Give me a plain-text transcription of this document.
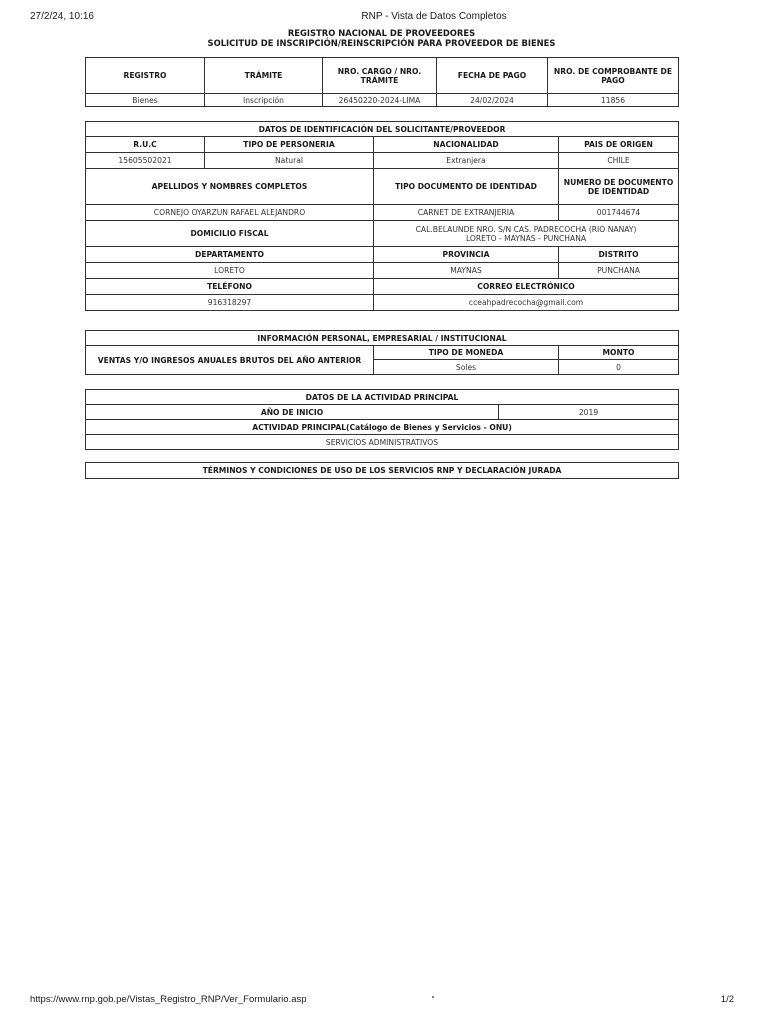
27/2/24, 10:16	RNP - Vista de Datos Completos
REGISTRO NACIONAL DE PROVEEDORES
SOLICITUD DE INSCRIPCIÓN/REINSCRIPCIÓN PARA PROVEEDOR DE BIENES
REGISTRO	TRÁMITE	NRO. CARGO / NRO. TRÁMITE	FECHA DE PAGO	NRO. DE COMPROBANTE DE PAGO
Bienes	Inscripción	26450220-2024-LIMA	24/02/2024	11856
DATOS DE IDENTIFICACIÓN DEL SOLICITANTE/PROVEEDOR			
R.U.C	TIPO DE PERSONERIA	NACIONALIDAD	PAIS DE ORIGEN
15605502021	Natural	Extranjera	CHILE
APELLIDOS Y NOMBRES COMPLETOS		TIPO DOCUMENTO DE IDENTIDAD	NUMERO DE DOCUMENTO DE IDENTIDAD
CORNEJO OYARZUN RAFAEL ALEJANDRO		CARNET DE EXTRANJERIA	001744674
DOMICILIO FISCAL		CAL.BELAUNDE NRO. S/N CAS. PADRECOCHA (RIO NANAY)
LORETO - MAYNAS - PUNCHANA	

DEPARTAMENTO		PROVINCIA	DISTRITO
LORETO		MAYNAS	PUNCHANA
TELÉFONO		CORREO ELECTRÓNICO	
916318297		cceahpadrecocha@gmail.com	
INFORMACIÓN PERSONAL, EMPRESARIAL / INSTITUCIONAL		
VENTAS Y/O INGRESOS ANUALES BRUTOS DEL AÑO ANTERIOR	TIPO DE MONEDA	MONTO
	Soles	0
DATOS DE LA ACTIVIDAD PRINCIPAL
AÑO DE INICIO	2019
ACTIVIDAD PRINCIPAL(Catálogo de Bienes y Servicios - ONU)
SERVICIOS ADMINISTRATIVOS
TÉRMINOS Y CONDICIONES DE USO DE LOS SERVICIOS RNP Y DECLARACIÓN JURADA
https://www.rnp.gob.pe/Vistas_Registro_RNP/Ver_Formulario.asp	1/2
